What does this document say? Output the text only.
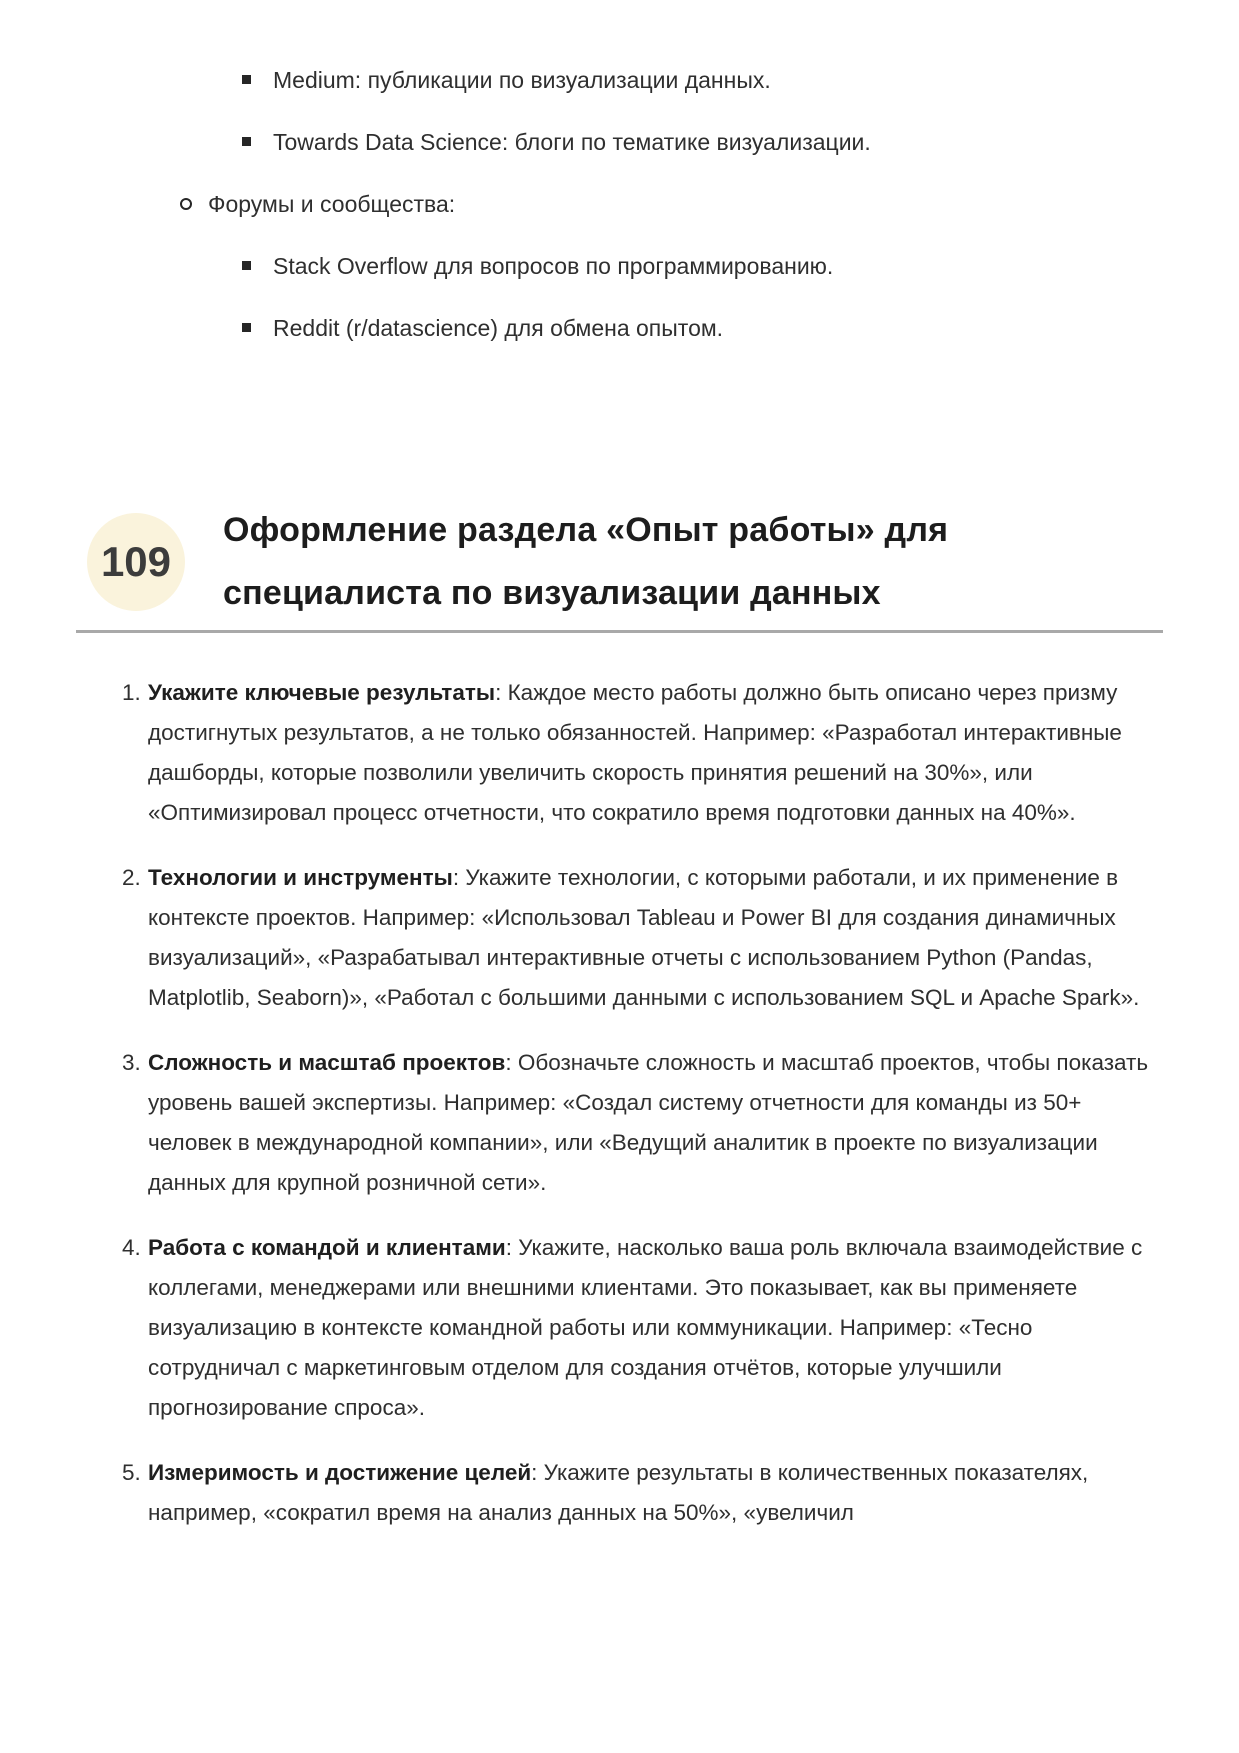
Medium: публикации по визуализации данных.
Towards Data Science: блоги по тематике визуализации.
Форумы и сообщества:
Stack Overflow для вопросов по программированию.
Reddit (r/datascience) для обмена опытом.
109
Оформление раздела «Опыт работы» для специалиста по визуализации данных
1. Укажите ключевые результаты: Каждое место работы должно быть описано через призму достигнутых результатов, а не только обязанностей. Например: «Разработал интерактивные дашборды, которые позволили увеличить скорость принятия решений на 30%», или «Оптимизировал процесс отчетности, что сократило время подготовки данных на 40%».

2. Технологии и инструменты: Укажите технологии, с которыми работали, и их применение в контексте проектов. Например: «Использовал Tableau и Power BI для создания динамичных визуализаций», «Разрабатывал интерактивные отчеты с использованием Python (Pandas, Matplotlib, Seaborn)», «Работал с большими данными с использованием SQL и Apache Spark».

3. Сложность и масштаб проектов: Обозначьте сложность и масштаб проектов, чтобы показать уровень вашей экспертизы. Например: «Создал систему отчетности для команды из 50+ человек в международной компании», или «Ведущий аналитик в проекте по визуализации данных для крупной розничной сети».

4. Работа с командой и клиентами: Укажите, насколько ваша роль включала взаимодействие с коллегами, менеджерами или внешними клиентами. Это показывает, как вы применяете визуализацию в контексте командной работы или коммуникации. Например: «Тесно сотрудничал с маркетинговым отделом для создания отчётов, которые улучшили прогнозирование спроса».

5. Измеримость и достижение целей: Укажите результаты в количественных показателях, например, «сократил время на анализ данных на 50%», «увеличил
